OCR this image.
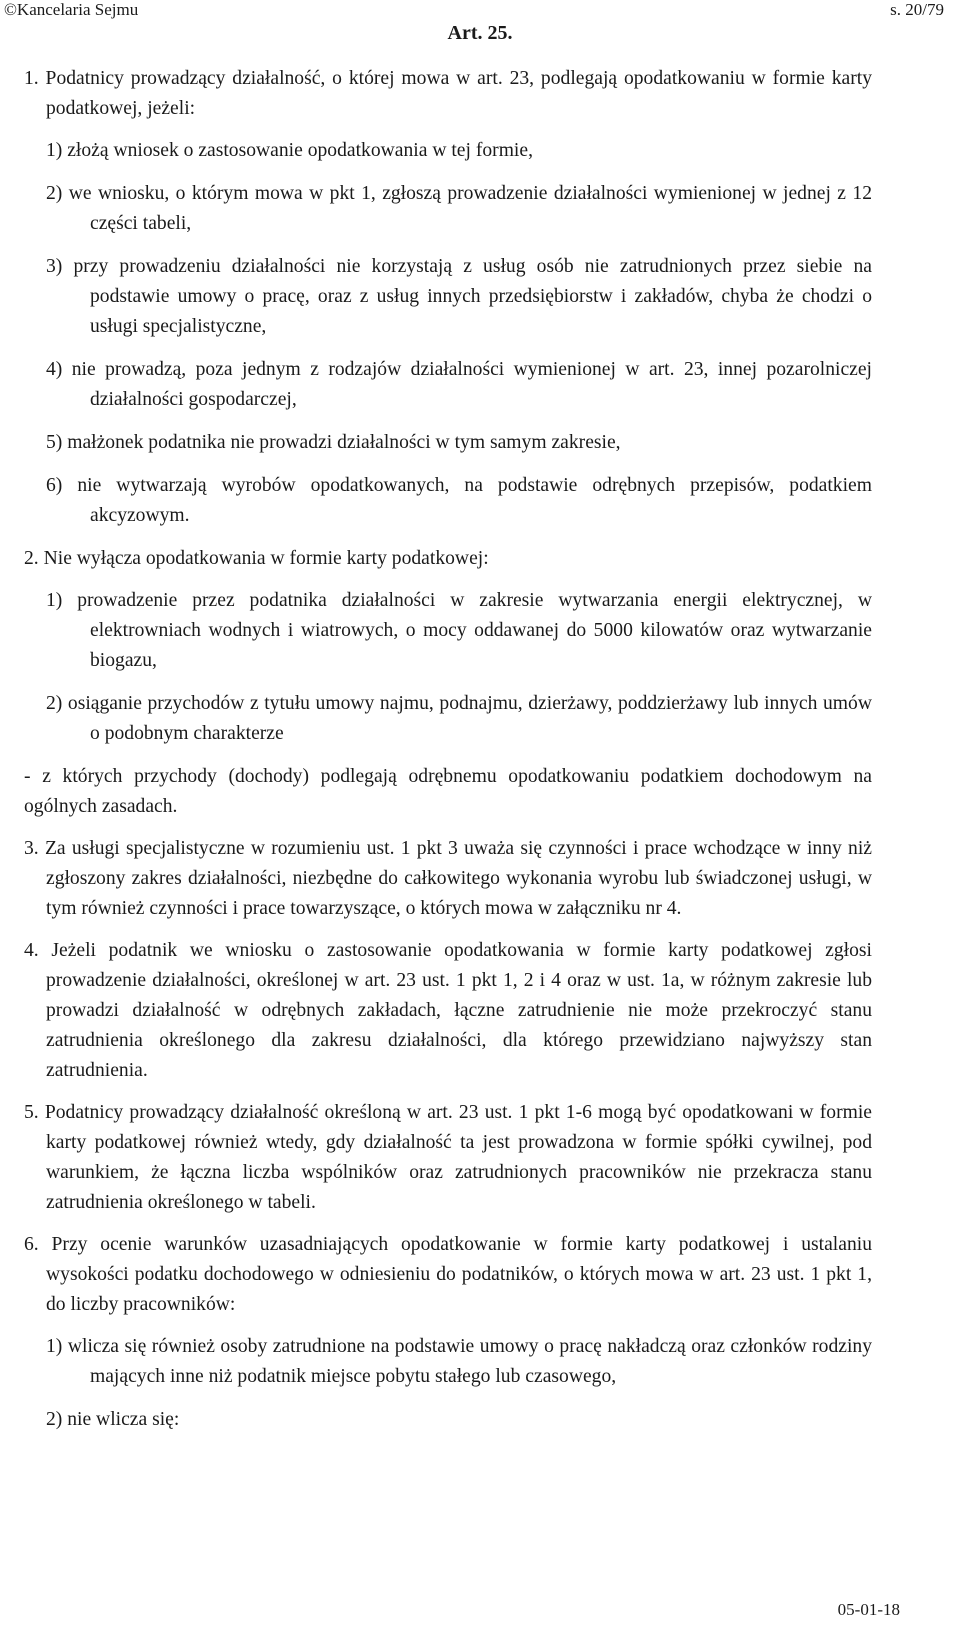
©Kancelaria Sejmu	s. 20/79
Art. 25.

1. Podatnicy prowadzący działalność, o której mowa w art. 23, podlegają opodatkowaniu w formie karty podatkowej, jeżeli:

1) złożą wniosek o zastosowanie opodatkowania w tej formie,

2) we wniosku, o którym mowa w pkt 1, zgłoszą prowadzenie działalności wymienionej w jednej z 12 części tabeli,

3) przy prowadzeniu działalności nie korzystają z usług osób nie zatrudnionych przez siebie na podstawie umowy o pracę, oraz z usług innych przedsiębiorstw i zakładów, chyba że chodzi o usługi specjalistyczne,

4) nie prowadzą, poza jednym z rodzajów działalności wymienionej w art. 23, innej pozarolniczej działalności gospodarczej,

5) małżonek podatnika nie prowadzi działalności w tym samym zakresie,

6) nie wytwarzają wyrobów opodatkowanych, na podstawie odrębnych przepisów, podatkiem akcyzowym.

2. Nie wyłącza opodatkowania w formie karty podatkowej:

1) prowadzenie przez podatnika działalności w zakresie wytwarzania energii elektrycznej, w elektrowniach wodnych i wiatrowych, o mocy oddawanej do 5000 kilowatów oraz wytwarzanie biogazu,

2) osiąganie przychodów z tytułu umowy najmu, podnajmu, dzierżawy, poddzierżawy lub innych umów o podobnym charakterze

- z których przychody (dochody) podlegają odrębnemu opodatkowaniu podatkiem dochodowym na ogólnych zasadach.

3. Za usługi specjalistyczne w rozumieniu ust. 1 pkt 3 uważa się czynności i prace wchodzące w inny niż zgłoszony zakres działalności, niezbędne do całkowitego wykonania wyrobu lub świadczonej usługi, w tym również czynności i prace towarzyszące, o których mowa w załączniku nr 4.

4. Jeżeli podatnik we wniosku o zastosowanie opodatkowania w formie karty podatkowej zgłosi prowadzenie działalności, określonej w art. 23 ust. 1 pkt 1, 2 i 4 oraz w ust. 1a, w różnym zakresie lub prowadzi działalność w odrębnych zakładach, łączne zatrudnienie nie może przekroczyć stanu zatrudnienia określonego dla zakresu działalności, dla którego przewidziano najwyższy stan zatrudnienia.

5. Podatnicy prowadzący działalność określoną w art. 23 ust. 1 pkt 1-6 mogą być opodatkowani w formie karty podatkowej również wtedy, gdy działalność ta jest prowadzona w formie spółki cywilnej, pod warunkiem, że łączna liczba wspólników oraz zatrudnionych pracowników nie przekracza stanu zatrudnienia określonego w tabeli.

6. Przy ocenie warunków uzasadniających opodatkowanie w formie karty podatkowej i ustalaniu wysokości podatku dochodowego w odniesieniu do podatników, o których mowa w art. 23 ust. 1 pkt 1, do liczby pracowników:

1) wlicza się również osoby zatrudnione na podstawie umowy o pracę nakładczą oraz członków rodziny mających inne niż podatnik miejsce pobytu stałego lub czasowego,

2) nie wlicza się:

05-01-18
